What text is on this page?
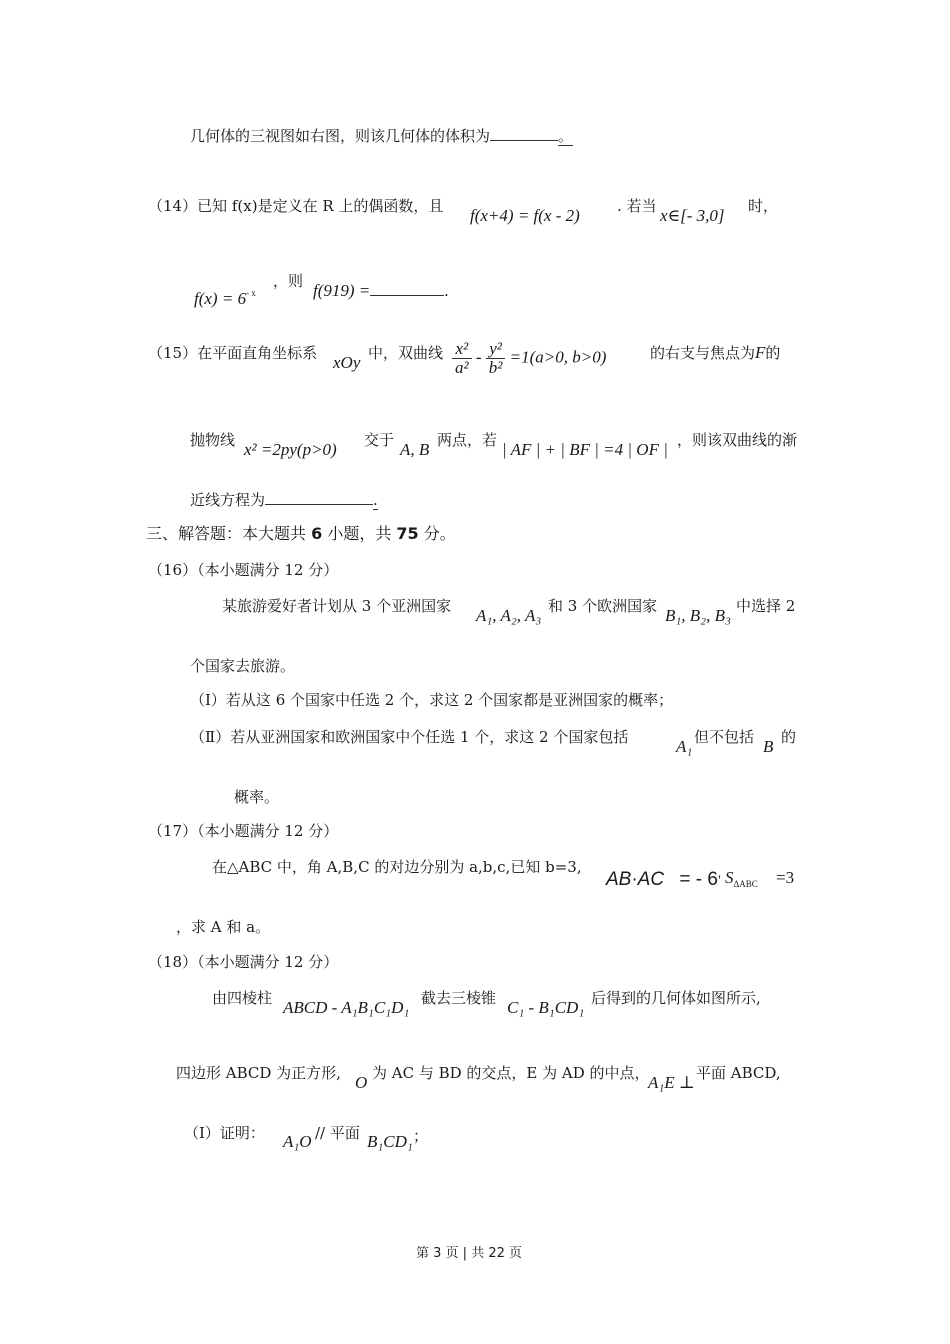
几何体的三视图如右图，则该几何体的体积为	。
（14）已知 f(x)是定义在 R 上的偶函数，且 f(x+4) = f(x - 2) . 若当 x∈[- 3,0] 时，
$f(x) = 6^{- x}$
，则 f(919) =	.
（15）在平面直角坐标系 xOy 中，双曲线 $\frac{\text{x²}}{\text{a²}} - \frac{\text{y²}}{\text{b²}} =1(a>0$, b>0)	的右支与焦点为F的
抛物线 x² =2py(p>0) 交于 A, B 两点，若 | AF | + | BF | =4 | OF | ，则该双曲线的渐
近线方程为	.
三、解答题：本大题共 6 小题，共 75 分。
（16）（本小题满分 12 分）
某旅游爱好者计划从 3 个亚洲国家 A₁, A₂, A₃ 和 3 个欧洲国家 B₁, B₂, B₃ 中选择 2
个国家去旅游。
（Ⅰ）若从这 6 个国家中任选 2 个，求这 2 个国家都是亚洲国家的概率；
（Ⅱ）若从亚洲国家和欧洲国家中个任选 1 个，求这 2 个国家包括	A₁ 但不包括 B 的
概率。
（17）（本小题满分 12 分）
在△ABC 中，角 A,B,C 的对边分别为 a,b,c,已知 b=3,
AB·AC = - 6’ $S_{\Delta ABC} =3$
，求 A 和 a。
（18）（本小题满分 12 分）
由四棱柱 ABCD - A₁B₁C₁D₁ 截去三棱锥 C₁ - B₁CD₁ 后得到的几何体如图所示,
四边形 ABCD 为正方形, O 为 AC 与 BD 的交点，E 为 AD 的中点，
A₁E ⊥ 平面 ABCD,
（Ⅰ）证明： A₁O // 平面 B₁CD₁ ；
第 3 页 | 共 22 页
